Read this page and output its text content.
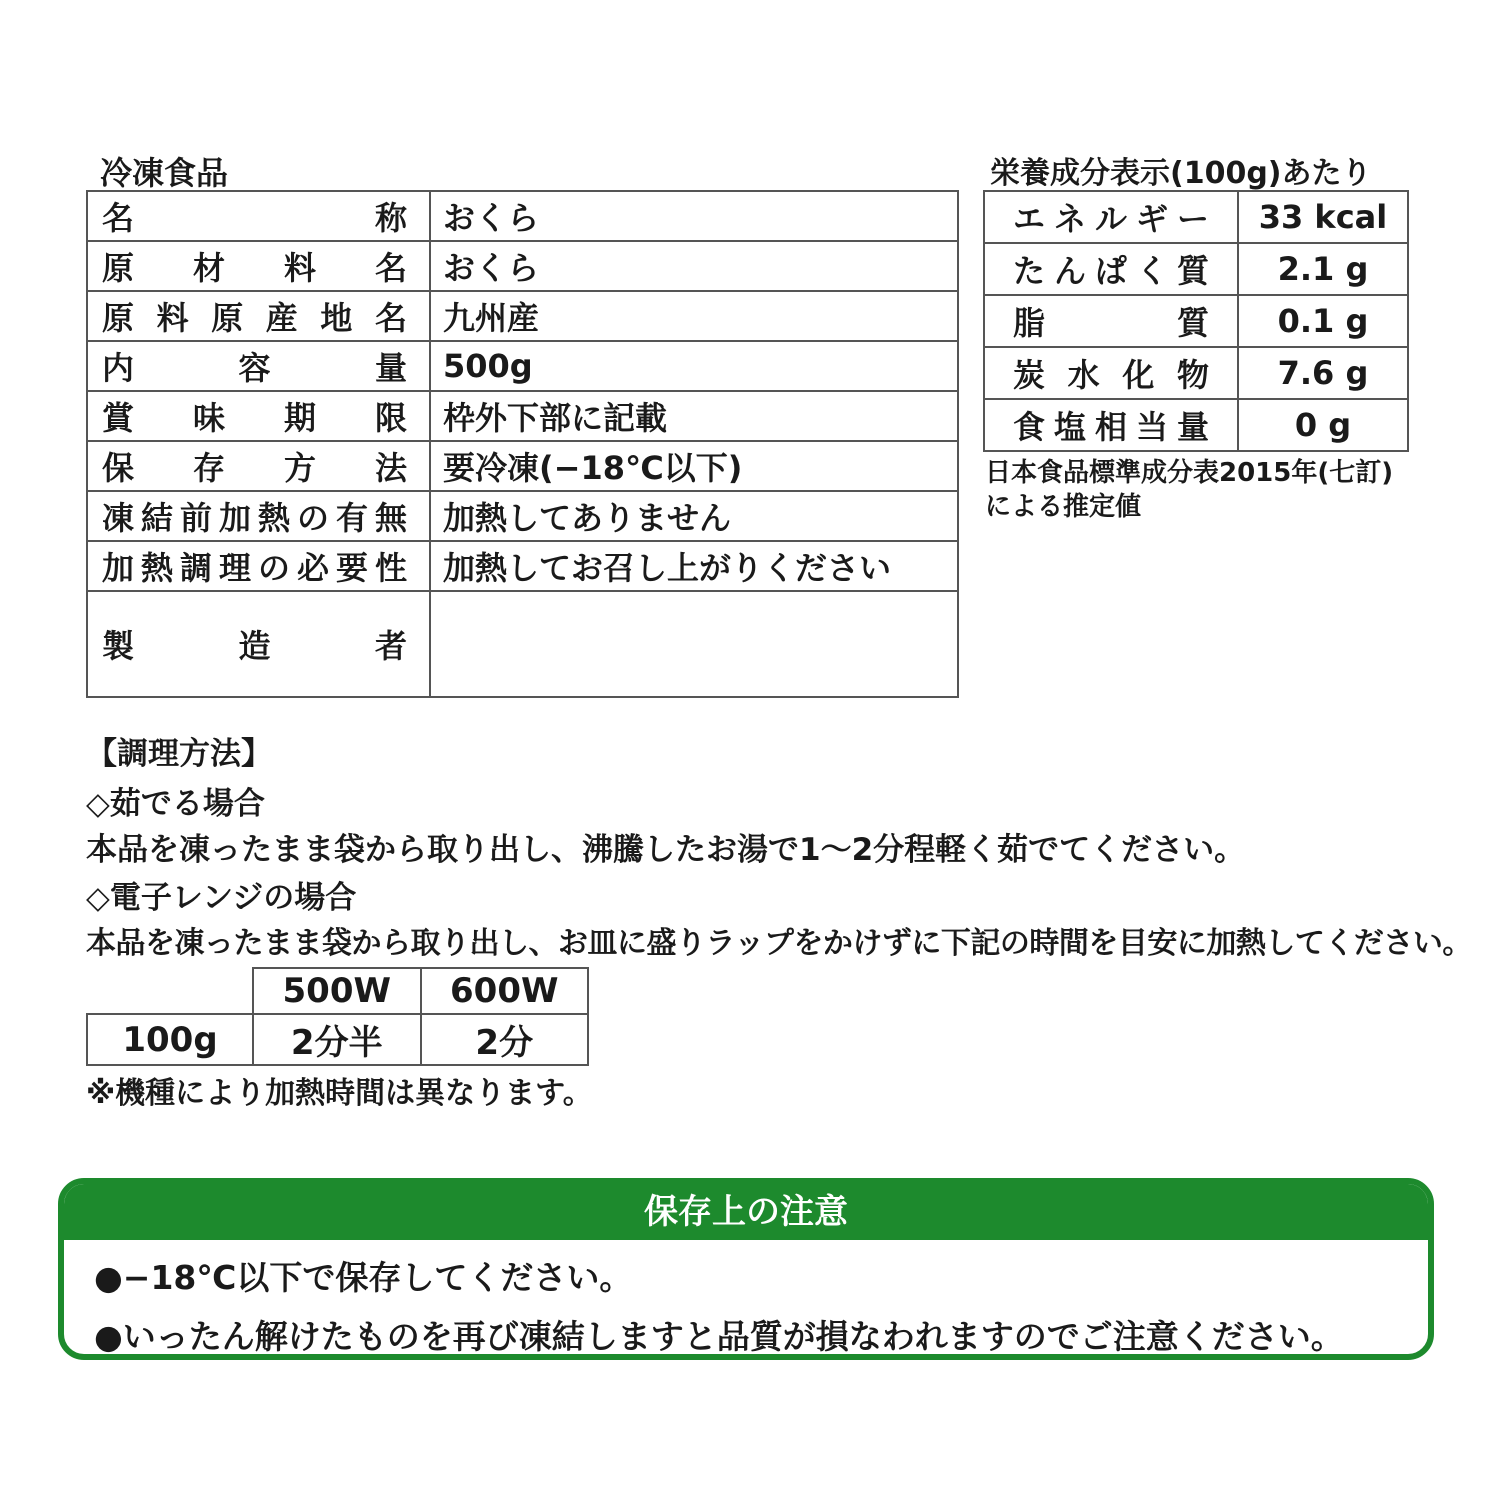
冷凍食品
名称	おくら
原材料名	おくら
原料原産地名	九州産
内容量	500g
賞味期限	枠外下部に記載
保存方法	要冷凍(−18℃以下)
凍結前加熱の有無	加熱してありません
加熱調理の必要性	加熱してお召し上がりください
製造者	
栄養成分表示(100g)あたり
エネルギー	33 kcal
たんぱく質	2.1 g
脂質	0.1 g
炭水化物	7.6 g
食塩相当量	0 g
日本食品標準成分表2015年(七訂)
による推定値
【調理方法】
◇茹でる場合
本品を凍ったまま袋から取り出し、沸騰したお湯で1〜2分程軽く茹でてください。
◇電子レンジの場合
本品を凍ったまま袋から取り出し、お皿に盛りラップをかけずに下記の時間を目安に加熱してください。
	500W	600W
100g	2分半	2分
※機種により加熱時間は異なります。
保存上の注意
●−18℃以下で保存してください。
●いったん解けたものを再び凍結しますと品質が損なわれますのでご注意ください。
